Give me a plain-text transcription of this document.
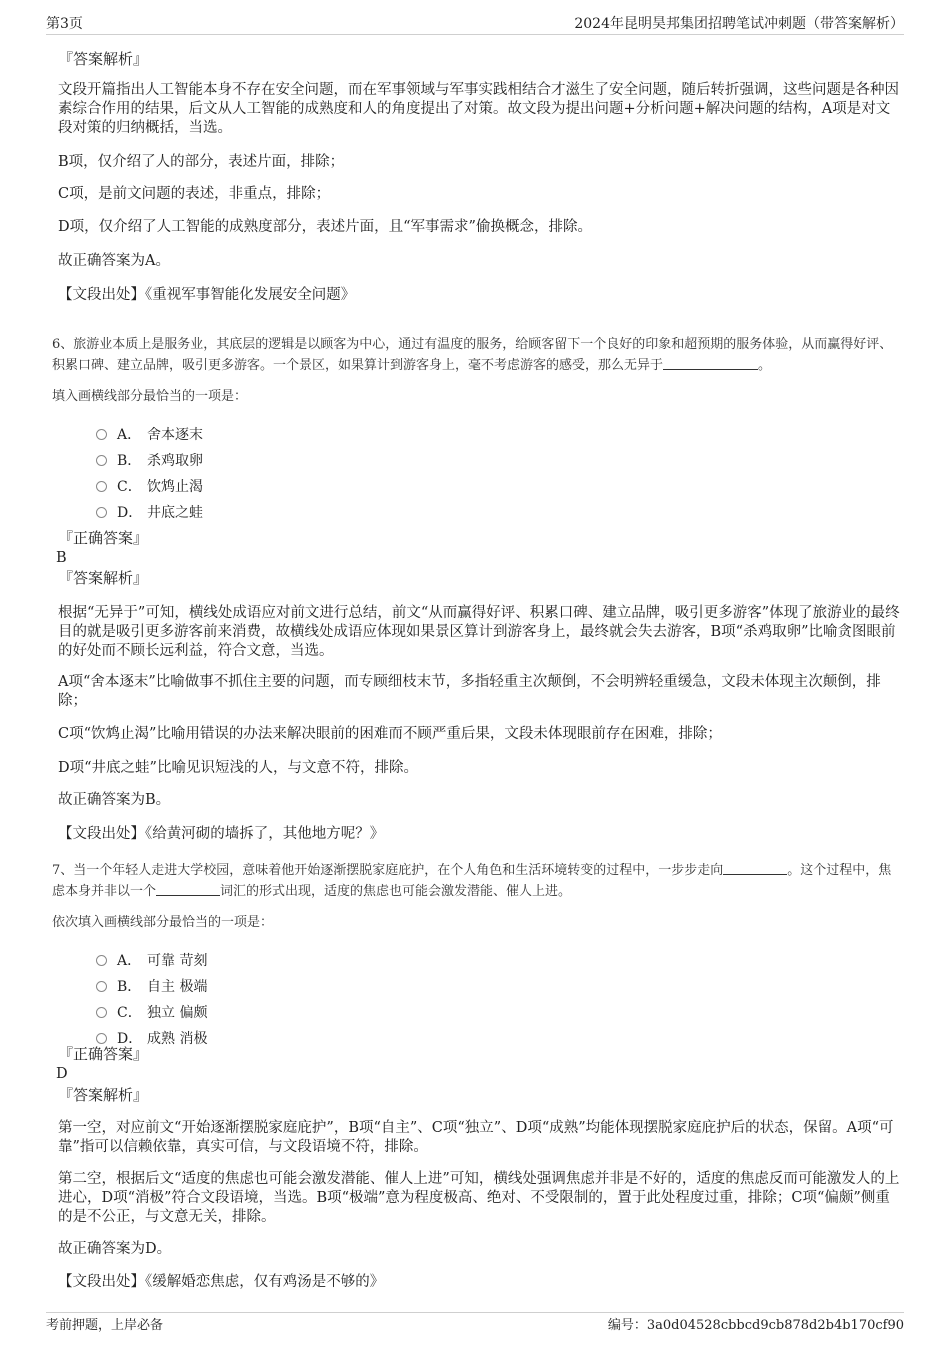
第3页	2024年昆明昊邦集团招聘笔试冲刺题（带答案解析）
『答案解析』
文段开篇指出人工智能本身不存在安全问题，而在军事领域与军事实践相结合才滋生了安全问题，随后转折强调，这些问题是各种因素综合作用的结果，后文从人工智能的成熟度和人的角度提出了对策。故文段为提出问题+分析问题+解决问题的结构，A项是对文段对策的归纳概括，当选。
B项，仅介绍了人的部分，表述片面，排除；
C项，是前文问题的表述，非重点，排除；
D项，仅介绍了人工智能的成熟度部分，表述片面，且“军事需求”偷换概念，排除。
故正确答案为A。
【文段出处】《重视军事智能化发展安全问题》
6、旅游业本质上是服务业，其底层的逻辑是以顾客为中心，通过有温度的服务，给顾客留下一个良好的印象和超预期的服务体验，从而赢得好评、积累口碑、建立品牌，吸引更多游客。一个景区，如果算计到游客身上，毫不考虑游客的感受，那么无异于	。
填入画横线部分最恰当的一项是：
A． 舍本逐末
B． 杀鸡取卵
C． 饮鸩止渴
D． 井底之蛙
『正确答案』
B
『答案解析』
根据“无异于”可知，横线处成语应对前文进行总结，前文“从而赢得好评、积累口碑、建立品牌，吸引更多游客”体现了旅游业的最终目的就是吸引更多游客前来消费，故横线处成语应体现如果景区算计到游客身上，最终就会失去游客，B项“杀鸡取卵”比喻贪图眼前的好处而不顾长远利益，符合文意，当选。
A项“舍本逐末”比喻做事不抓住主要的问题，而专顾细枝末节，多指轻重主次颠倒，不会明辨轻重缓急，文段未体现主次颠倒，排除；
C项“饮鸩止渴”比喻用错误的办法来解决眼前的困难而不顾严重后果，文段未体现眼前存在困难，排除；
D项“井底之蛙”比喻见识短浅的人，与文意不符，排除。
故正确答案为B。
【文段出处】《给黄河砌的墙拆了，其他地方呢？》
7、当一个年轻人走进大学校园，意味着他开始逐渐摆脱家庭庇护，在个人角色和生活环境转变的过程中，一步步走向	。这个过程中，焦虑本身并非以一个	词汇的形式出现，适度的焦虑也可能会激发潜能、催人上进。
依次填入画横线部分最恰当的一项是：
A． 可靠 苛刻
B． 自主 极端
C． 独立 偏颇
D． 成熟 消极
『正确答案』
D
『答案解析』
第一空，对应前文“开始逐渐摆脱家庭庇护”，B项“自主”、C项“独立”、D项“成熟”均能体现摆脱家庭庇护后的状态，保留。A项“可靠”指可以信赖依靠，真实可信，与文段语境不符，排除。
第二空，根据后文“适度的焦虑也可能会激发潜能、催人上进”可知，横线处强调焦虑并非是不好的，适度的焦虑反而可能激发人的上进心，D项“消极”符合文段语境，当选。B项“极端”意为程度极高、绝对、不受限制的，置于此处程度过重，排除；C项“偏颇”侧重的是不公正，与文意无关，排除。
故正确答案为D。
【文段出处】《缓解婚恋焦虑，仅有鸡汤是不够的》
考前押题，上岸必备	编号：3a0d04528cbbcd9cb878d2b4b170cf90
